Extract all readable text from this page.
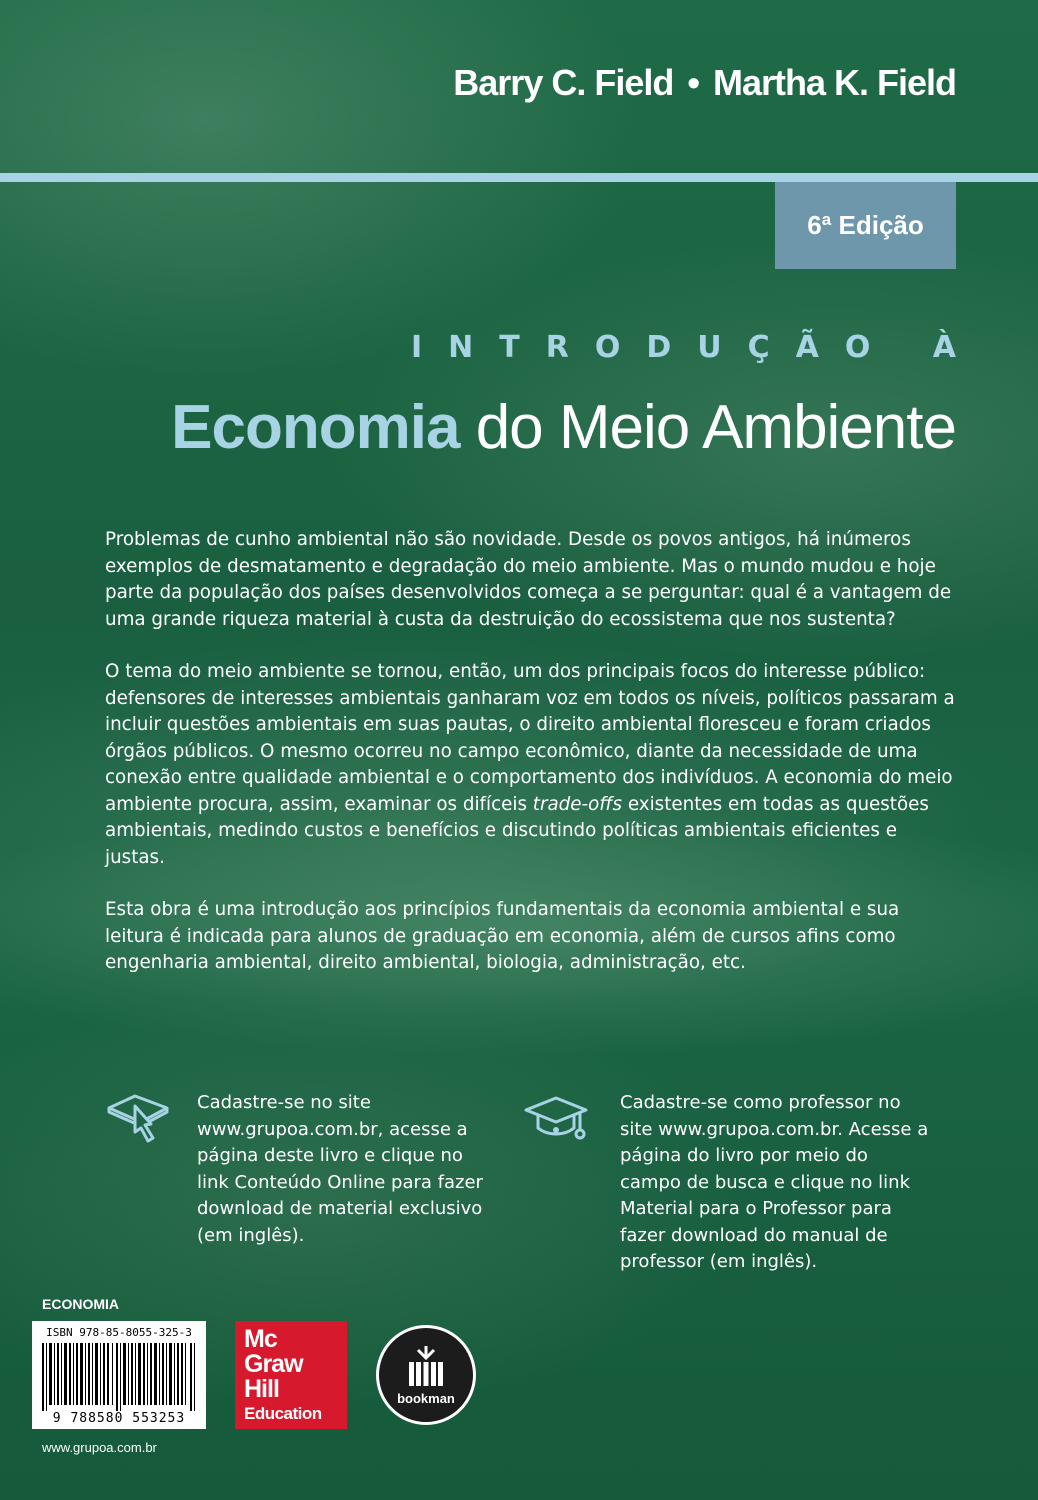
Barry C. Field • Martha K. Field
6ª Edição
INTRODUÇÃO À
Economia do Meio Ambiente

Problemas de cunho ambiental não são novidade. Desde os povos antigos, há inúmeros exemplos de desmatamento e degradação do meio ambiente. Mas o mundo mudou e hoje parte da população dos países desenvolvidos começa a se perguntar: qual é a vantagem de uma grande riqueza material à custa da destruição do ecossistema que nos sustenta?

O tema do meio ambiente se tornou, então, um dos principais focos do interesse público: defensores de interesses ambientais ganharam voz em todos os níveis, políticos passaram a incluir questões ambientais em suas pautas, o direito ambiental floresceu e foram criados órgãos públicos. O mesmo ocorreu no campo econômico, diante da necessidade de uma conexão entre qualidade ambiental e o comportamento dos indivíduos. A economia do meio ambiente procura, assim, examinar os difíceis trade-offs existentes em todas as questões ambientais, medindo custos e benefícios e discutindo políticas ambientais eficientes e justas.

Esta obra é uma introdução aos princípios fundamentais da economia ambiental e sua leitura é indicada para alunos de graduação em economia, além de cursos afins como engenharia ambiental, direito ambiental, biologia, administração, etc.

Cadastre-se no site www.grupoa.com.br, acesse a página deste livro e clique no link Conteúdo Online para fazer download de material exclusivo (em inglês).
Cadastre-se como professor no site www.grupoa.com.br. Acesse a página do livro por meio do campo de busca e clique no link Material para o Professor para fazer download do manual de professor (em inglês).
ECONOMIA
ISBN 978-85-8055-325-3
9 788580 553253
Mc
Graw
Hill
Education
bookman
www.grupoa.com.br
